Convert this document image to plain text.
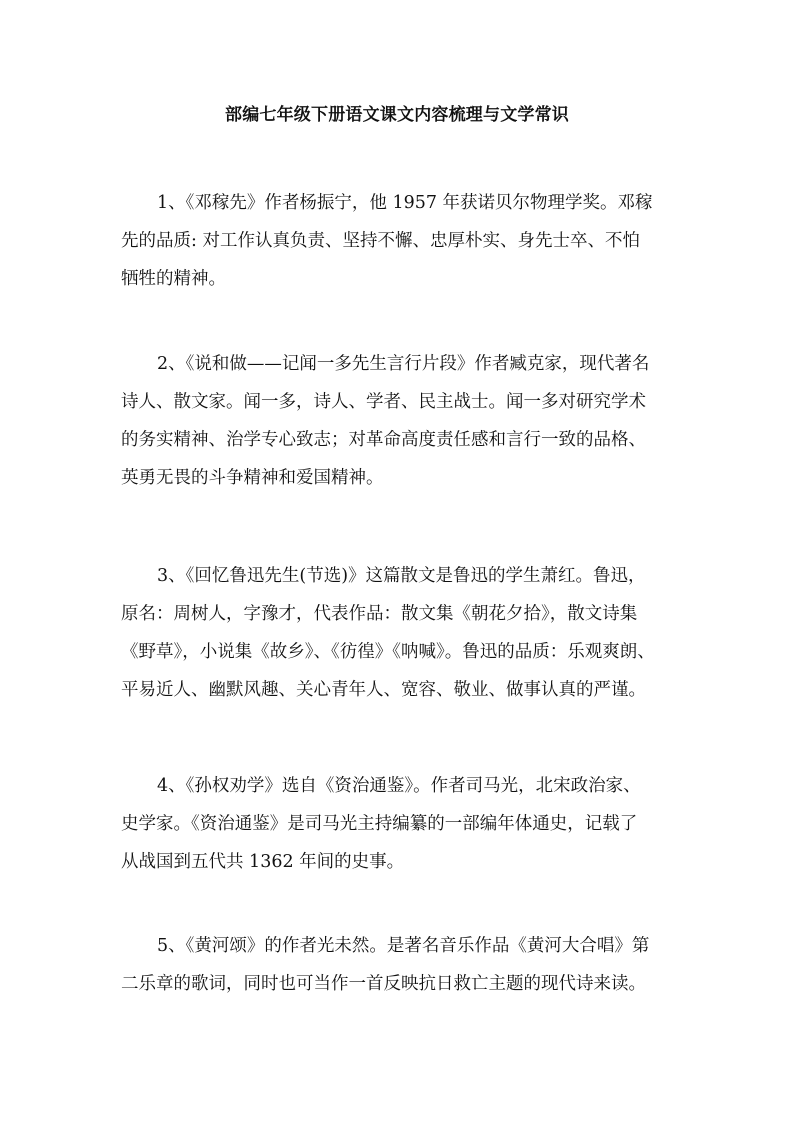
部编七年级下册语文课文内容梳理与文学常识
1、《邓稼先》作者杨振宁，他 1957 年获诺贝尔物理学奖。邓稼
先的品质: 对工作认真负责、坚持不懈、忠厚朴实、身先士卒、不怕
牺牲的精神。
2、《说和做——记闻一多先生言行片段》作者臧克家，现代著名
诗人、散文家。闻一多，诗人、学者、民主战士。闻一多对研究学术
的务实精神、治学专心致志；对革命高度责任感和言行一致的品格、
英勇无畏的斗争精神和爱国精神。
3、《回忆鲁迅先生(节选)》这篇散文是鲁迅的学生萧红。鲁迅，
原名：周树人，字豫才，代表作品：散文集《朝花夕拾》，散文诗集
《野草》，小说集《故乡》、《彷徨》《呐喊》。鲁迅的品质：乐观爽朗、
平易近人、幽默风趣、关心青年人、宽容、敬业、做事认真的严谨。
4、《孙权劝学》选自《资治通鉴》。作者司马光，北宋政治家、
史学家。《资治通鉴》是司马光主持编纂的一部编年体通史，记载了
从战国到五代共 1362 年间的史事。
5、《黄河颂》的作者光未然。是著名音乐作品《黄河大合唱》第
二乐章的歌词，同时也可当作一首反映抗日救亡主题的现代诗来读。
